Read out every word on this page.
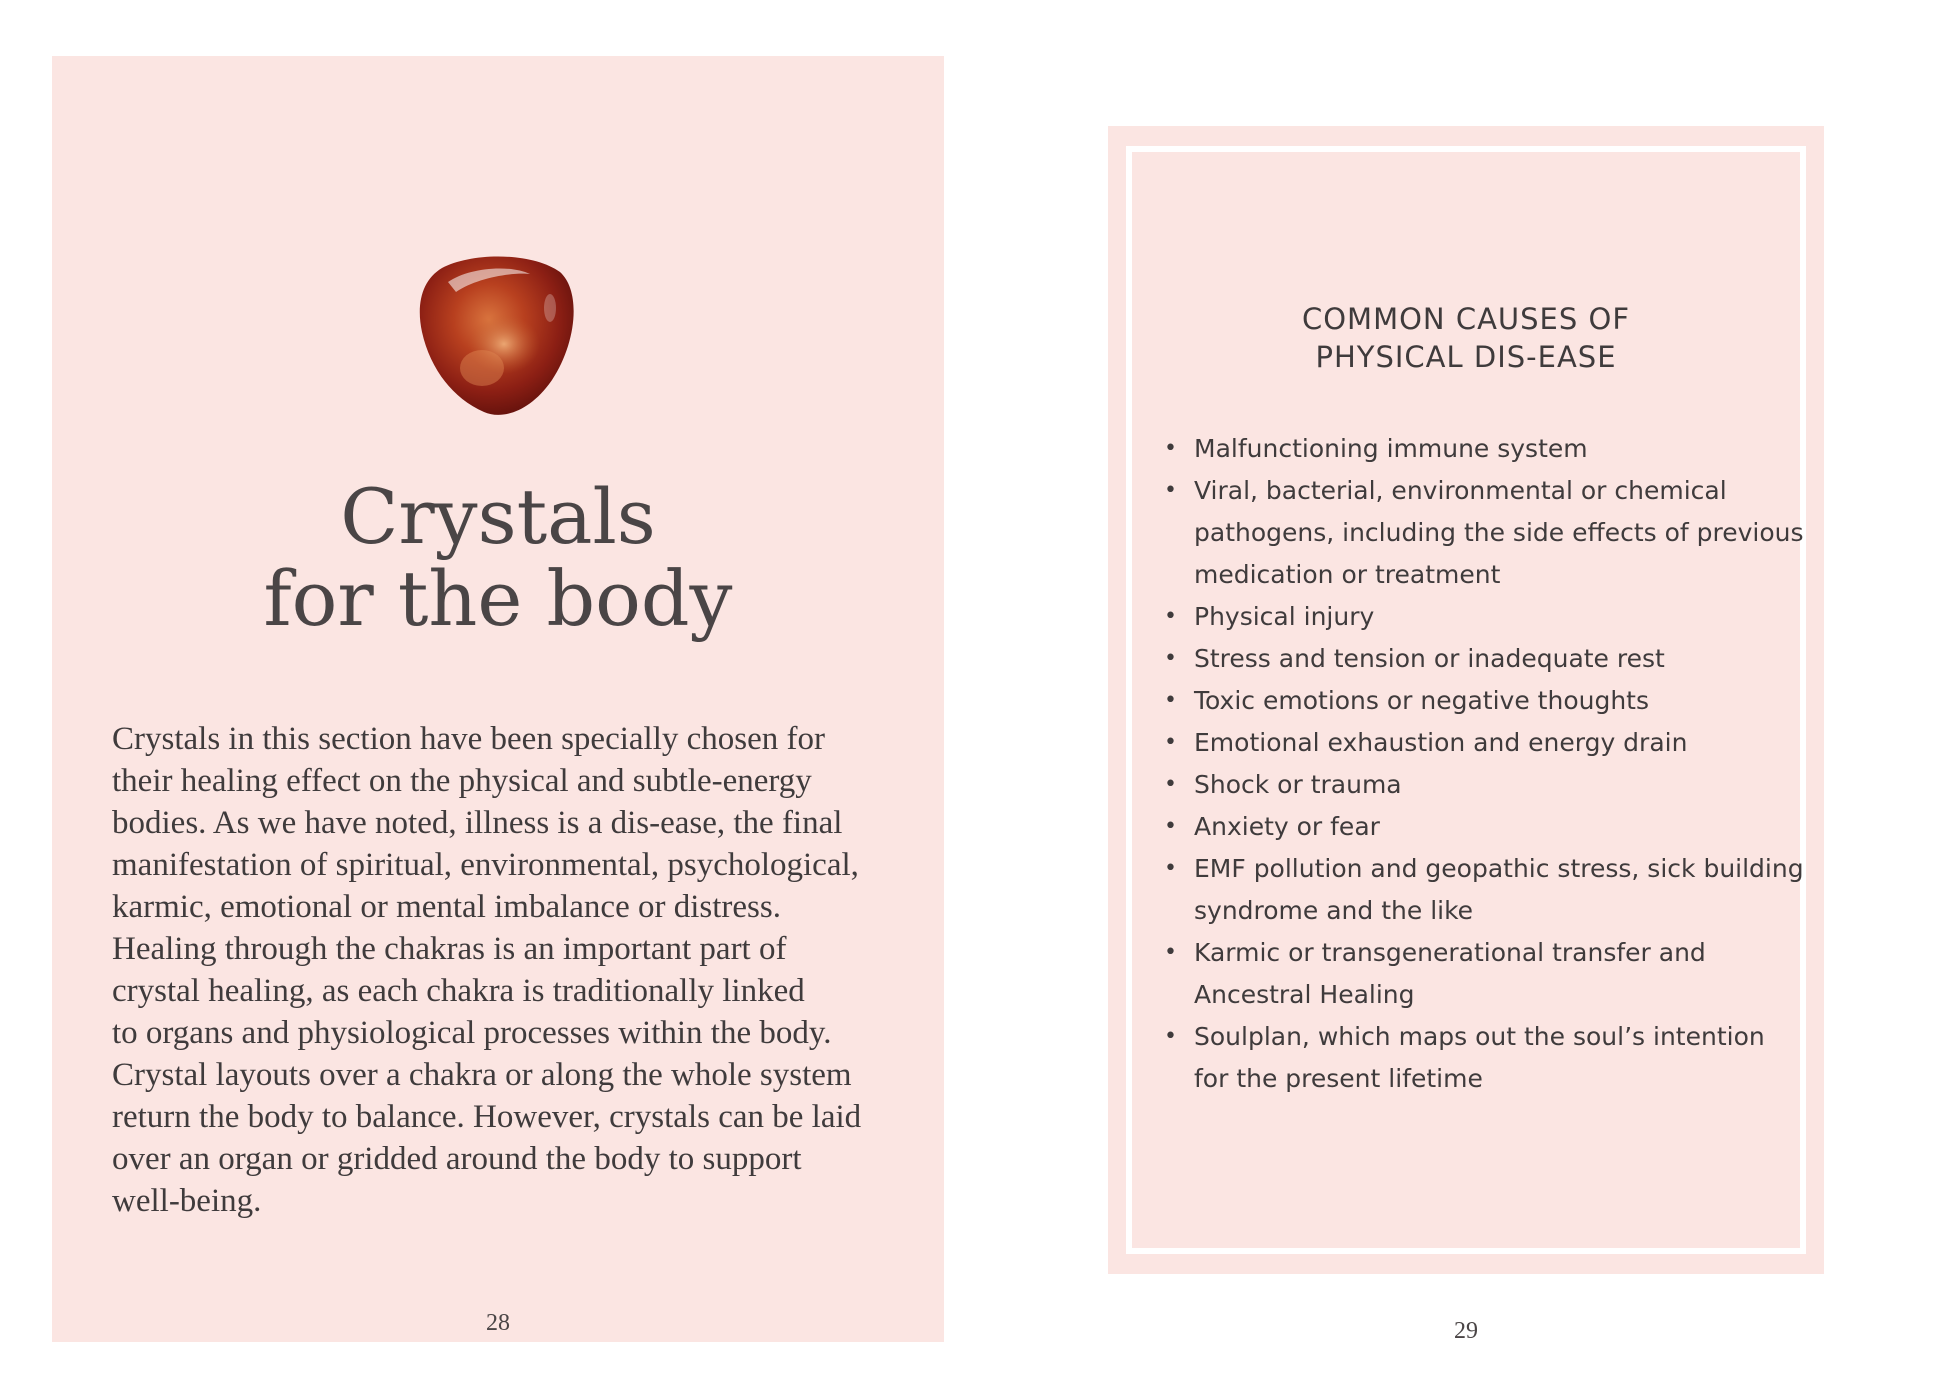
Crystals
for the body
Crystals in this section have been specially chosen for
their healing effect on the physical and subtle-energy
bodies. As we have noted, illness is a dis-ease, the final
manifestation of spiritual, environmental, psychological,
karmic, emotional or mental imbalance or distress.
Healing through the chakras is an important part of
crystal healing, as each chakra is traditionally linked
to organs and physiological processes within the body.
Crystal layouts over a chakra or along the whole system
return the body to balance. However, crystals can be laid
over an organ or gridded around the body to support
well-being.
28
COMMON CAUSES OF
PHYSICAL DIS-EASE
• Malfunctioning immune system
• Viral, bacterial, environmental or chemical
pathogens, including the side effects of previous
medication or treatment
• Physical injury
• Stress and tension or inadequate rest
• Toxic emotions or negative thoughts
• Emotional exhaustion and energy drain
• Shock or trauma
• Anxiety or fear
• EMF pollution and geopathic stress, sick building
syndrome and the like
• Karmic or transgenerational transfer and
Ancestral Healing
• Soulplan, which maps out the soul’s intention
for the present lifetime
29
